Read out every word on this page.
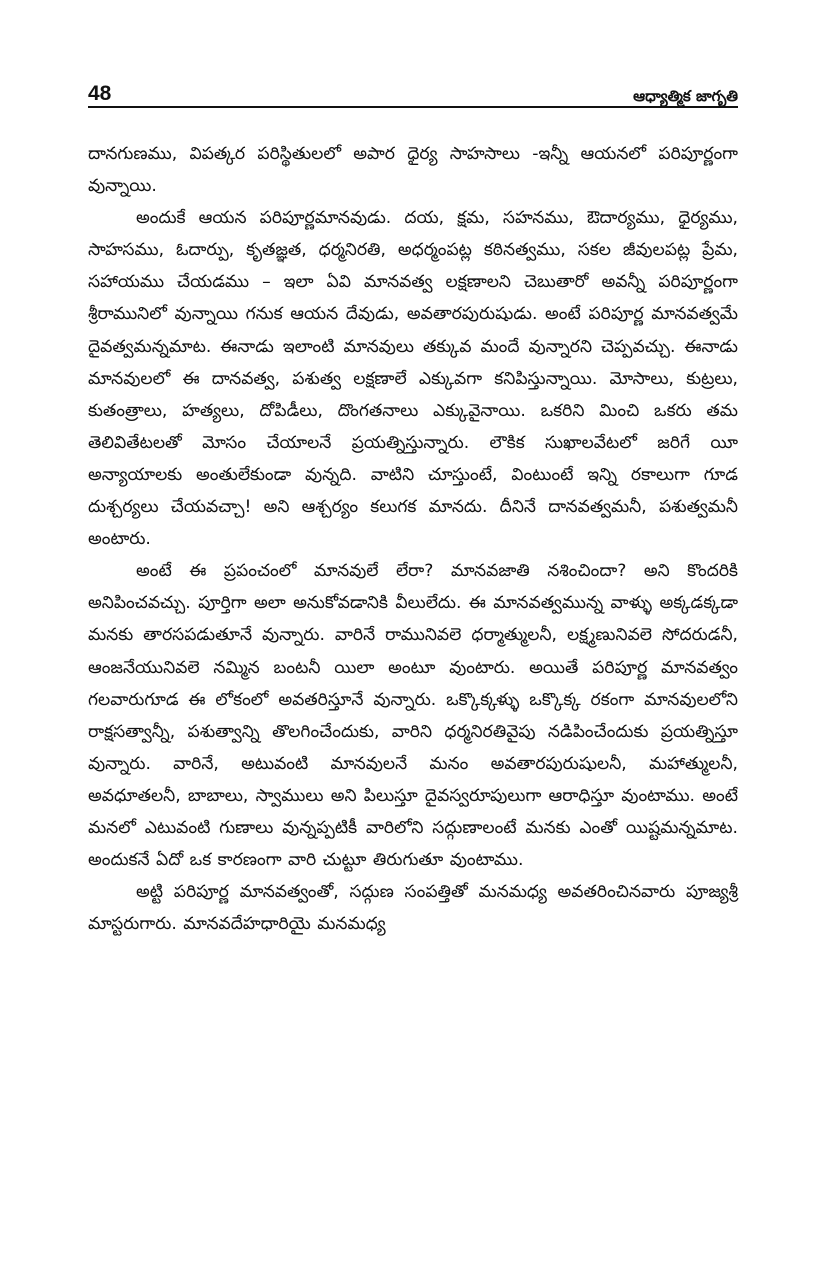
48	ఆధ్యాత్మిక జాగృతి

దానగుణము, విపత్కర పరిస్థితులలో అపార ధైర్య సాహసాలు -ఇన్నీ ఆయనలో పరిపూర్ణంగా వున్నాయి.

అందుకే ఆయన పరిపూర్ణమానవుడు. దయ, క్షమ, సహనము, ఔదార్యము, ధైర్యము, సాహసము, ఓదార్పు, కృతజ్ఞత, ధర్మనిరతి, అధర్మంపట్ల కఠినత్వము, సకల జీవులపట్ల ప్రేమ, సహాయము చేయడము – ఇలా ఏవి మానవత్వ లక్షణాలని చెబుతారో అవన్నీ పరిపూర్ణంగా శ్రీరామునిలో వున్నాయి గనుక ఆయన దేవుడు, అవతారపురుషుడు. అంటే పరిపూర్ణ మానవత్వమే దైవత్వమన్నమాట. ఈనాడు ఇలాంటి మానవులు తక్కువ మందే వున్నారని చెప్పవచ్చు. ఈనాడు మానవులలో ఈ దానవత్వ, పశుత్వ లక్షణాలే ఎక్కువగా కనిపిస్తున్నాయి. మోసాలు, కుట్రలు, కుతంత్రాలు, హత్యలు, దోపిడీలు, దొంగతనాలు ఎక్కువైనాయి. ఒకరిని మించి ఒకరు తమ తెలివితేటలతో మోసం చేయాలనే ప్రయత్నిస్తున్నారు. లౌకిక సుఖాలవేటలో జరిగే యీ అన్యాయాలకు అంతులేకుండా వున్నది. వాటిని చూస్తుంటే, వింటుంటే ఇన్ని రకాలుగా గూడ దుశ్చర్యలు చేయవచ్చా! అని ఆశ్చర్యం కలుగక మానదు. దీనినే దానవత్వమనీ, పశుత్వమనీ అంటారు.

అంటే ఈ ప్రపంచంలో మానవులే లేరా? మానవజాతి నశించిందా? అని కొందరికి అనిపించవచ్చు. పూర్తిగా అలా అనుకోవడానికి వీలులేదు. ఈ మానవత్వమున్న వాళ్ళు అక్కడక్కడా మనకు తారసపడుతూనే వున్నారు. వారినే రామునివలె ధర్మాత్ములనీ, లక్ష్మణునివలె సోదరుడనీ, ఆంజనేయునివలె నమ్మిన బంటనీ యిలా అంటూ వుంటారు. అయితే పరిపూర్ణ మానవత్వం గలవారుగూడ ఈ లోకంలో అవతరిస్తూనే వున్నారు. ఒక్కొక్కళ్ళు ఒక్కొక్క రకంగా మానవులలోని రాక్షసత్వాన్నీ, పశుత్వాన్ని తొలగించేందుకు, వారిని ధర్మనిరతివైపు నడిపించేందుకు ప్రయత్నిస్తూ వున్నారు. వారినే, అటువంటి మానవులనే మనం అవతారపురుషులనీ, మహాత్ములనీ, అవధూతలనీ, బాబాలు, స్వాములు అని పిలుస్తూ దైవస్వరూపులుగా ఆరాధిస్తూ వుంటాము. అంటే మనలో ఎటువంటి గుణాలు వున్నప్పటికీ వారిలోని సద్గుణాలంటే మనకు ఎంతో యిష్టమన్నమాట. అందుకనే ఏదో ఒక కారణంగా వారి చుట్టూ తిరుగుతూ వుంటాము.

అట్టి పరిపూర్ణ మానవత్వంతో, సద్గుణ సంపత్తితో మనమధ్య అవతరించినవారు పూజ్యశ్రీ మాస్టరుగారు. మానవదేహధారియై మనమధ్య
